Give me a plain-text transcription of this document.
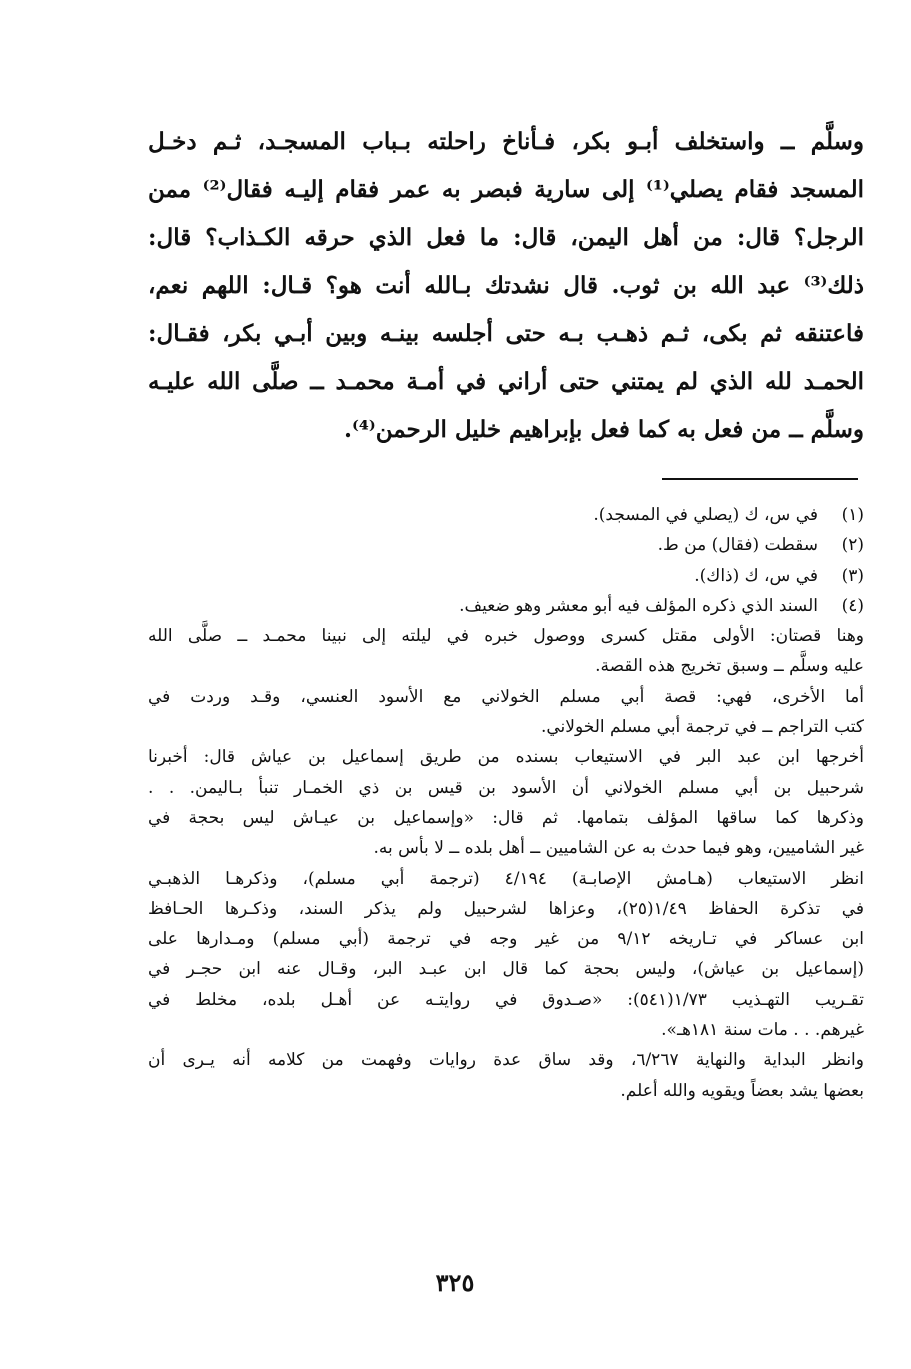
وسلَّم ــ واستخلف أبـو بكر، فـأناخ راحلته بـباب المسجـد، ثـم دخـل
المسجد فقام يصلي⁽¹⁾ إلى سارية فبصر به عمر فقام إليـه فقال⁽²⁾ ممن
الرجل؟ قال: من أهل اليمن، قال: ما فعل الذي حرقه الكـذاب؟ قال:
ذلك⁽³⁾ عبد الله بن ثوب. قال نشدتك بـالله أنت هو؟ قـال: اللهم نعم،
فاعتنقه ثم بكى، ثـم ذهـب بـه حتى أجلسه بينـه وبين أبـي بكر، فقـال:
الحمـد لله الذي لم يمتني حتى أراني في أمـة محمـد ــ صلَّى الله عليـه
وسلَّم ــ من فعل به كما فعل بإبراهيم خليل الرحمن⁽⁴⁾.
(١)في س، ك (يصلي في المسجد).
(٢)سقطت (فقال) من ط.
(٣)في س، ك (ذاك).
(٤)السند الذي ذكره المؤلف فيه أبو معشر وهو ضعيف.
وهنا قصتان: الأولى مقتل كسرى ووصول خبره في ليلته إلى نبينا محمـد ــ صلَّى الله
عليه وسلَّم ــ وسبق تخريج هذه القصة.
أما الأخرى، فهي: قصة أبي مسلم الخولاني مع الأسود العنسي، وقـد وردت في
كتب التراجم ــ في ترجمة أبي مسلم الخولاني.
أخرجها ابن عبد البر في الاستيعاب بسنده من طريق إسماعيل بن عياش قال: أخبرنا
شرحبيل بن أبي مسلم الخولاني أن الأسود بن قيس بن ذي الخمـار تنبأ بـاليمن. . .
وذكرها كما ساقها المؤلف بتمامها. ثم قال: «وإسماعيل بن عيـاش ليس بحجة في
غير الشاميين، وهو فيما حدث به عن الشاميين ــ أهل بلده ــ لا بأس به.
انظر الاستيعاب (هـامش الإصابـة) ٤/١٩٤ (ترجمة أبي مسلم)، وذكرهـا الذهبـي
في تذكرة الحفاظ ١/٤٩(٢٥)، وعزاها لشرحبيل ولم يذكر السند، وذكـرها الحـافظ
ابن عساكر في تـاريخه ٩/١٢ من غير وجه في ترجمة (أبي مسلم) ومـدارها على
(إسماعيل بن عياش)، وليس بحجة كما قال ابن عبـد البر، وقـال عنه ابن حجـر في
تقـريب التهـذيب ١/٧٣(٥٤١): «صـدوق في روايتـه عن أهـل بلده، مخلط في
غيرهم. . . مات سنة ١٨١هـ».
وانظر البداية والنهاية ٦/٢٦٧، وقد ساق عدة روايات وفهمت من كلامه أنه يـرى أن
بعضها يشد بعضاً ويقويه والله أعلم.
٣٢٥
